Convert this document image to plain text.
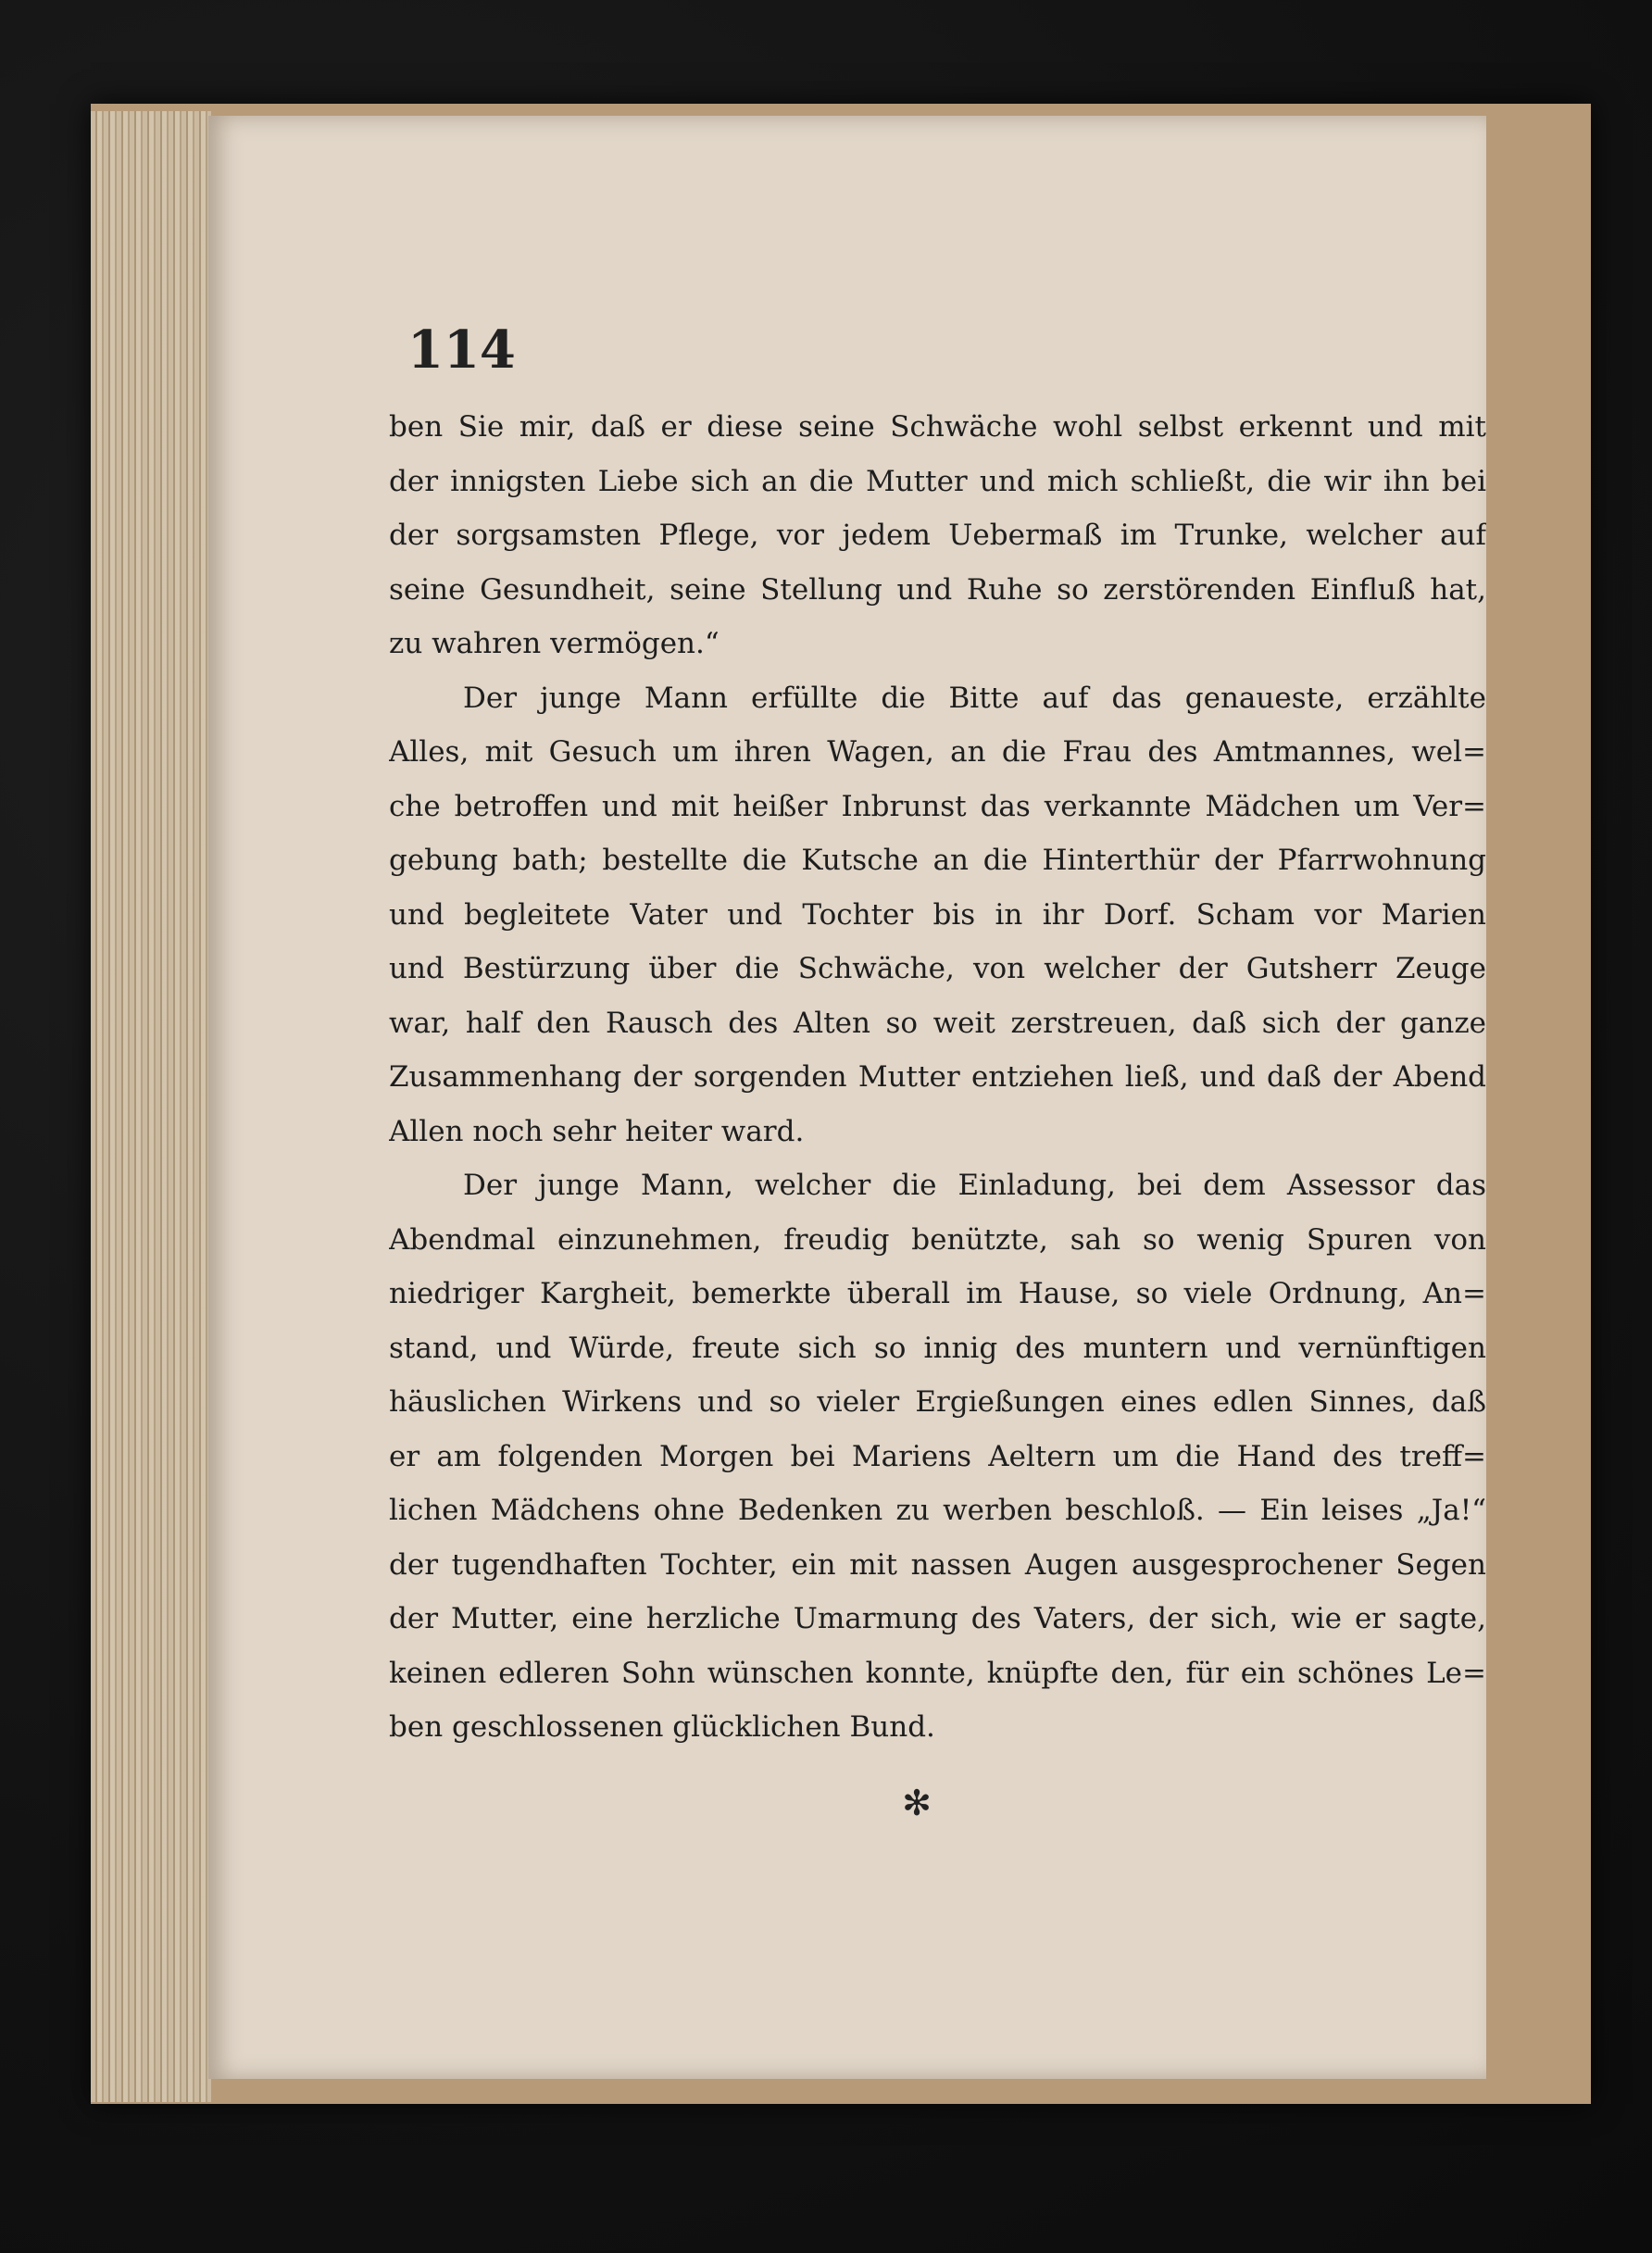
114
ben Sie mir, daß er diese seine Schwäche wohl selbst erkennt und mit
der innigsten Liebe sich an die Mutter und mich schließt, die wir ihn bei
der sorgsamsten Pflege, vor jedem Uebermaß im Trunke, welcher auf
seine Gesundheit, seine Stellung und Ruhe so zerstörenden Einfluß hat,
zu wahren vermögen.“
Der junge Mann erfüllte die Bitte auf das genaueste, erzählte
Alles, mit Gesuch um ihren Wagen, an die Frau des Amtmannes, wel=
che betroffen und mit heißer Inbrunst das verkannte Mädchen um Ver=
gebung bath; bestellte die Kutsche an die Hinterthür der Pfarrwohnung
und begleitete Vater und Tochter bis in ihr Dorf. Scham vor Marien
und Bestürzung über die Schwäche, von welcher der Gutsherr Zeuge
war, half den Rausch des Alten so weit zerstreuen, daß sich der ganze
Zusammenhang der sorgenden Mutter entziehen ließ, und daß der Abend
Allen noch sehr heiter ward.
Der junge Mann, welcher die Einladung, bei dem Assessor das
Abendmal einzunehmen, freudig benützte, sah so wenig Spuren von
niedriger Kargheit, bemerkte überall im Hause, so viele Ordnung, An=
stand, und Würde, freute sich so innig des muntern und vernünftigen
häuslichen Wirkens und so vieler Ergießungen eines edlen Sinnes, daß
er am folgenden Morgen bei Mariens Aeltern um die Hand des treff=
lichen Mädchens ohne Bedenken zu werben beschloß. — Ein leises „Ja!“
der tugendhaften Tochter, ein mit nassen Augen ausgesprochener Segen
der Mutter, eine herzliche Umarmung des Vaters, der sich, wie er sagte,
keinen edleren Sohn wünschen konnte, knüpfte den, für ein schönes Le=
ben geschlossenen glücklichen Bund.
✻
